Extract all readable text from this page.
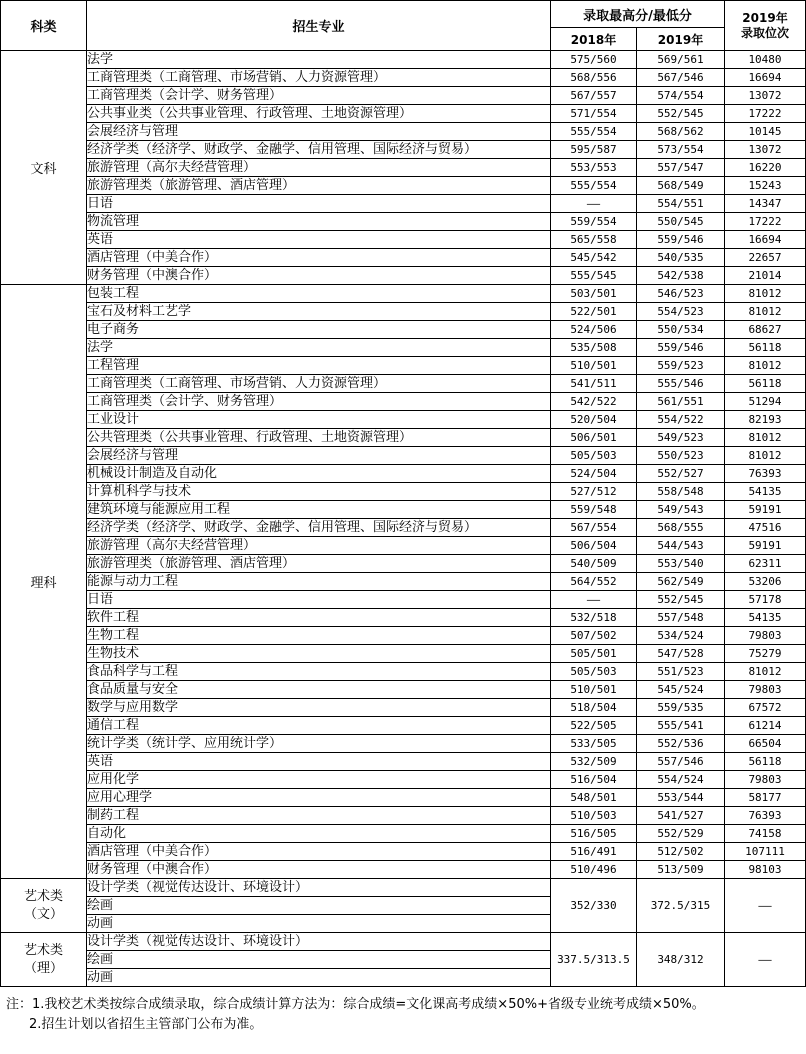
科类	招生专业	录取最高分/最低分		2019年
录取位次

		2018年	2019年	
文科	法学	575/560	569/561	10480
	工商管理类（工商管理、市场营销、人力资源管理）	568/556	567/546	16694
	工商管理类（会计学、财务管理）	567/557	574/554	13072
	公共事业类（公共事业管理、行政管理、土地资源管理）	571/554	552/545	17222
	会展经济与管理	555/554	568/562	10145
	经济学类（经济学、财政学、金融学、信用管理、国际经济与贸易）	595/587	573/554	13072
	旅游管理（高尔夫经营管理）	553/553	557/547	16220
	旅游管理类（旅游管理、酒店管理）	555/554	568/549	15243
	日语	——	554/551	14347
	物流管理	559/554	550/545	17222
	英语	565/558	559/546	16694
	酒店管理（中美合作）	545/542	540/535	22657
	财务管理（中澳合作）	555/545	542/538	21014
理科	包装工程	503/501	546/523	81012
	宝石及材料工艺学	522/501	554/523	81012
	电子商务	524/506	550/534	68627
	法学	535/508	559/546	56118
	工程管理	510/501	559/523	81012
	工商管理类（工商管理、市场营销、人力资源管理）	541/511	555/546	56118
	工商管理类（会计学、财务管理）	542/522	561/551	51294
	工业设计	520/504	554/522	82193
	公共管理类（公共事业管理、行政管理、土地资源管理）	506/501	549/523	81012
	会展经济与管理	505/503	550/523	81012
	机械设计制造及自动化	524/504	552/527	76393
	计算机科学与技术	527/512	558/548	54135
	建筑环境与能源应用工程	559/548	549/543	59191
	经济学类（经济学、财政学、金融学、信用管理、国际经济与贸易）	567/554	568/555	47516
	旅游管理（高尔夫经营管理）	506/504	544/543	59191
	旅游管理类（旅游管理、酒店管理）	540/509	553/540	62311
	能源与动力工程	564/552	562/549	53206
	日语	——	552/545	57178
	软件工程	532/518	557/548	54135
	生物工程	507/502	534/524	79803
	生物技术	505/501	547/528	75279
	食品科学与工程	505/503	551/523	81012
	食品质量与安全	510/501	545/524	79803
	数学与应用数学	518/504	559/535	67572
	通信工程	522/505	555/541	61214
	统计学类（统计学、应用统计学）	533/505	552/536	66504
	英语	532/509	557/546	56118
	应用化学	516/504	554/524	79803
	应用心理学	548/501	553/544	58177
	制药工程	510/503	541/527	76393
	自动化	516/505	552/529	74158
	酒店管理（中美合作）	516/491	512/502	107111
	财务管理（中澳合作）	510/496	513/509	98103

艺术类
（文）	设计学类（视觉传达设计、环境设计）	352/330	372.5/315	——
	绘画			
	动画			

艺术类
（理）	设计学类（视觉传达设计、环境设计）	337.5/313.5	348/312	——
	绘画			
	动画			
注：1.我校艺术类按综合成绩录取，综合成绩计算方法为：综合成绩=文化课高考成绩×50%+省级专业统考成绩×50%。
2.招生计划以省招生主管部门公布为准。
